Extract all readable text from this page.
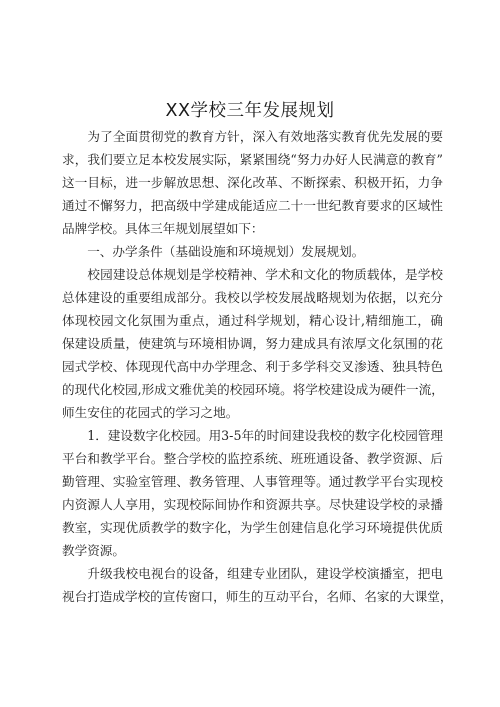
XX学校三年发展规划
　　为了全面贯彻党的教育方针，深入有效地落实教育优先发展的要
求，我们要立足本校发展实际，紧紧围绕“努力办好人民满意的教育”
这一目标，进一步解放思想、深化改革、不断探索、积极开拓，力争
通过不懈努力，把高级中学建成能适应二十一世纪教育要求的区域性
品牌学校。具体三年规划展望如下：
　　一、办学条件（基础设施和环境规划）发展规划。
　　校园建设总体规划是学校精神、学术和文化的物质载体，是学校
总体建设的重要组成部分。我校以学校发展战略规划为依据，以充分
体现校园文化氛围为重点，通过科学规划，精心设计,精细施工，确
保建设质量，使建筑与环境相协调，努力建成具有浓厚文化氛围的花
园式学校、体现现代高中办学理念、利于多学科交叉渗透、独具特色
的现代化校园,形成文雅优美的校园环境。将学校建设成为硬件一流，
师生安住的花园式的学习之地。
　　1．建设数字化校园。用3-5年的时间建设我校的数字化校园管理
平台和教学平台。整合学校的监控系统、班班通设备、教学资源、后
勤管理、实验室管理、教务管理、人事管理等。通过教学平台实现校
内资源人人享用，实现校际间协作和资源共享。尽快建设学校的录播
教室，实现优质教学的数字化，为学生创建信息化学习环境提供优质
教学资源。
　　升级我校电视台的设备，组建专业团队，建设学校演播室，把电
视台打造成学校的宣传窗口，师生的互动平台，名师、名家的大课堂，
